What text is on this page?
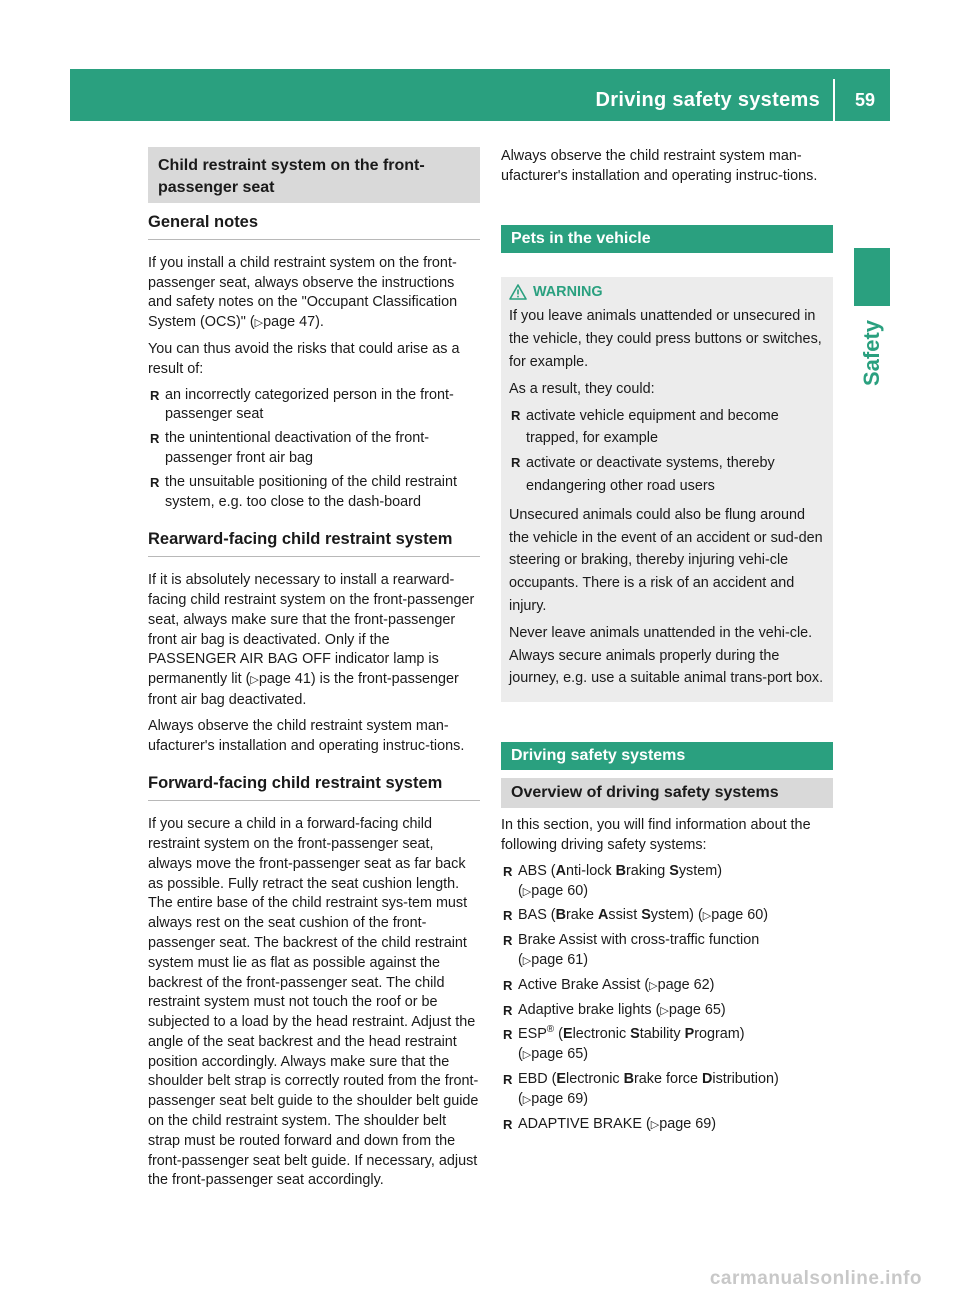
Driving safety systems	59
Safety
Child restraint system on the front-passenger seat
General notes

If you install a child restraint system on the front-passenger seat, always observe the instructions and safety notes on the "Occupant Classification System (OCS)" (▷page 47).

You can thus avoid the risks that could arise as a result of:

R an incorrectly categorized person in the front-passenger seat
R the unintentional deactivation of the front-passenger front air bag
R the unsuitable positioning of the child restraint system, e.g. too close to the dash-board
Rearward-facing child restraint system

If it is absolutely necessary to install a rearward-facing child restraint system on the front-passenger seat, always make sure that the front-passenger front air bag is deactivated. Only if the PASSENGER AIR BAG OFF indicator lamp is permanently lit (▷page 41) is the front-passenger front air bag deactivated.

Always observe the child restraint system man-ufacturer's installation and operating instruc-tions.

Forward-facing child restraint system

If you secure a child in a forward-facing child restraint system on the front-passenger seat, always move the front-passenger seat as far back as possible. Fully retract the seat cushion length. The entire base of the child restraint sys-tem must always rest on the seat cushion of the front-passenger seat. The backrest of the child restraint system must lie as flat as possible against the backrest of the front-passenger seat. The child restraint system must not touch the roof or be subjected to a load by the head restraint. Adjust the angle of the seat backrest and the head restraint position accordingly. Always make sure that the shoulder belt strap is correctly routed from the front-passenger seat belt guide to the shoulder belt guide on the child restraint system. The shoulder belt strap must be routed forward and down from the front-passenger seat belt guide. If necessary, adjust the front-passenger seat accordingly.

Always observe the child restraint system man-ufacturer's installation and operating instruc-tions.

Pets in the vehicle
WARNING

If you leave animals unattended or unsecured in the vehicle, they could press buttons or switches, for example.

As a result, they could:

R activate vehicle equipment and become trapped, for example
R activate or deactivate systems, thereby endangering other road users

Unsecured animals could also be flung around the vehicle in the event of an accident or sud-den steering or braking, thereby injuring vehi-cle occupants. There is a risk of an accident and injury.

Never leave animals unattended in the vehi-cle. Always secure animals properly during the journey, e.g. use a suitable animal trans-port box.

Driving safety systems
Overview of driving safety systems

In this section, you will find information about the following driving safety systems:

R ABS (Anti-lock Braking System)
(▷page 60)
R BAS (Brake Assist System) (▷page 60)
R Brake Assist with cross-traffic function
(▷page 61)
R Active Brake Assist (▷page 62)
R Adaptive brake lights (▷page 65)
R ESP® (Electronic Stability Program)
(▷page 65)
R EBD (Electronic Brake force Distribution)
(▷page 69)
R ADAPTIVE BRAKE (▷page 69)
carmanualsonline.info
